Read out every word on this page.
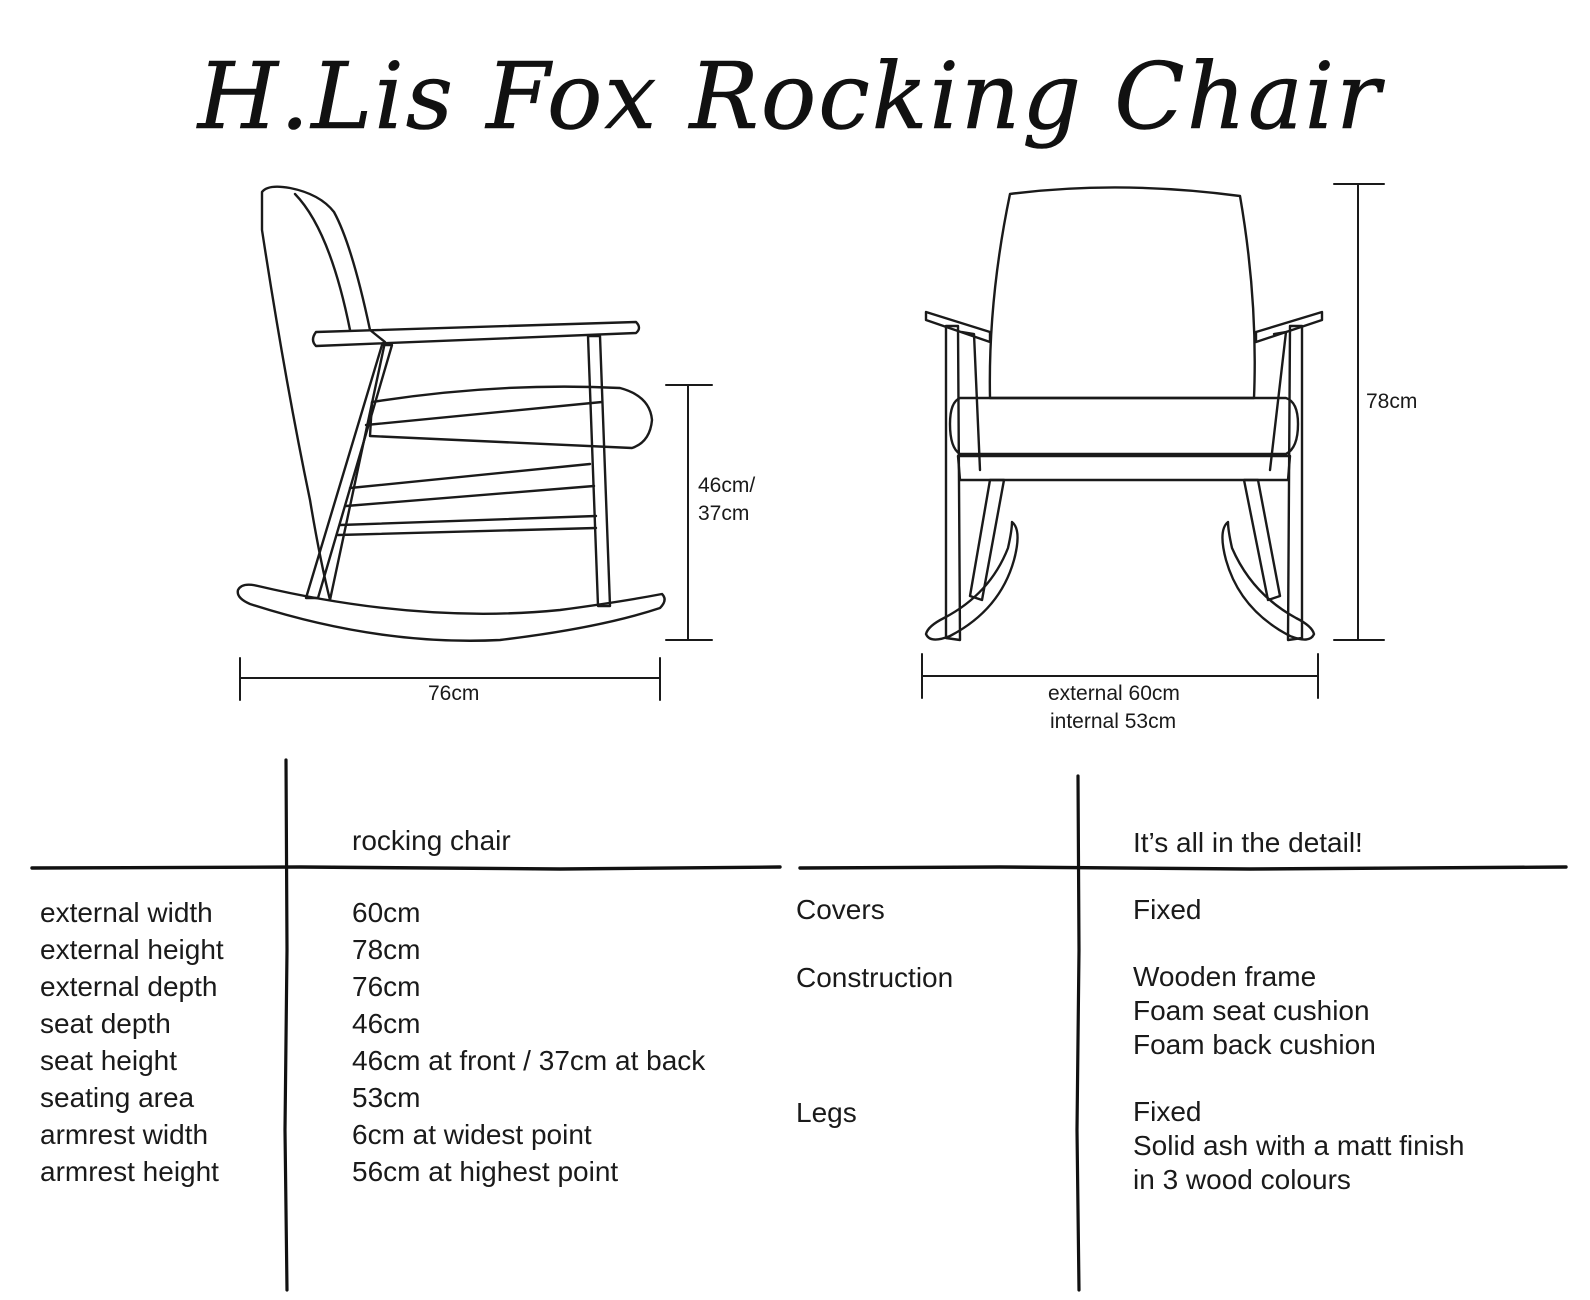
H.Lis Fox Rocking Chair
76cm
46cm/
37cm
78cm
external 60cm
internal 53cm
rocking chair
external width
external height
external depth
seat depth
seat height
seating area
armrest width
armrest height
60cm
78cm
76cm
46cm
46cm at front / 37cm at back
53cm
6cm at widest point
56cm at highest point
It’s all in the detail!
Covers
Construction
Legs
Fixed
Wooden frame
Foam seat cushion
Foam back cushion
Fixed
Solid ash with a matt finish
in 3 wood colours
